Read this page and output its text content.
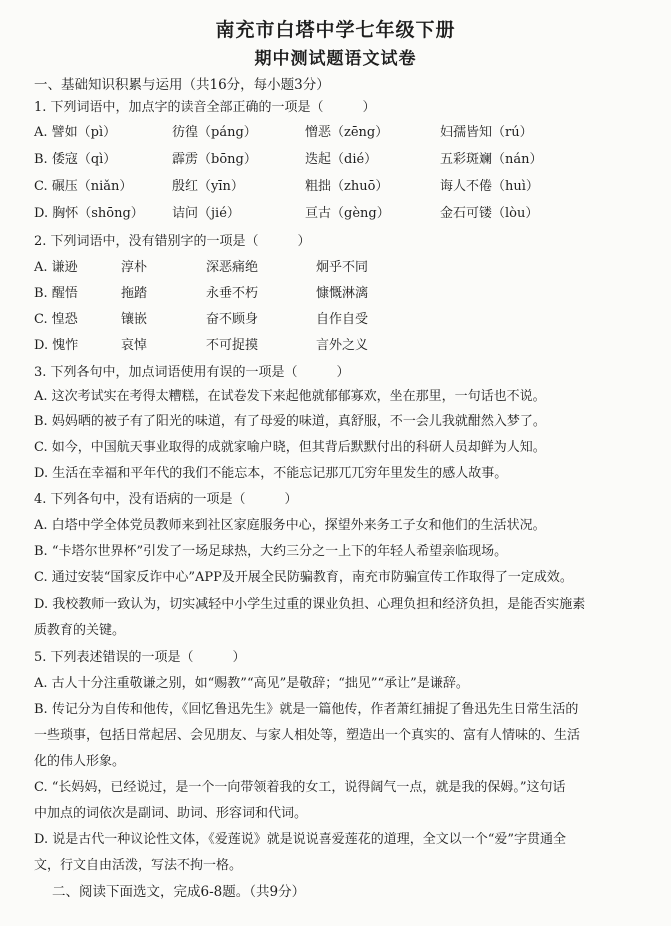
南充市白塔中学七年级下册
期中测试题语文试卷
一、基础知识积累与运用（共16分，每小题3分）
1. 下列词语中，加点字的读音全部正确的一项是（　　　）
A. 譬如（pì）	彷徨（páng）	憎恶（zēng）	妇孺皆知（rú）
B. 倭寇（qì）	霹雳（bōng）	迭起（dié）	五彩斑斓（nán）
C. 碾压（niǎn）	殷红（yīn）	粗拙（zhuō）	诲人不倦（huì）
D. 胸怀（shōng） 诘问（jié）	亘古（gèng）	金石可镂（lòu）
2. 下列词语中，没有错别字的一项是（　　　）
A. 谦逊	淳朴	深恶痛绝	炯乎不同
B. 醒悟	拖踏	永垂不朽	慷慨淋漓
C. 惶恐	镶嵌	奋不顾身	自作自受
D. 愧怍	哀悼	不可捉摸	言外之义
3. 下列各句中，加点词语使用有误的一项是（　　　）
A. 这次考试实在考得太糟糕，在试卷发下来起他就郁郁寡欢，坐在那里，一句话也不说。
B. 妈妈晒的被子有了阳光的味道，有了母爱的味道，真舒服，不一会儿我就酣然入梦了。
C. 如今，中国航天事业取得的成就家喻户晓，但其背后默默付出的科研人员却鲜为人知。
D. 生活在幸福和平年代的我们不能忘本，不能忘记那兀兀穷年里发生的感人故事。
4. 下列各句中，没有语病的一项是（　　　）
A. 白塔中学全体党员教师来到社区家庭服务中心，探望外来务工子女和他们的生活状况。
B. “卡塔尔世界杯”引发了一场足球热，大约三分之一上下的年轻人希望亲临现场。
C. 通过安装“国家反诈中心”APP及开展全民防骗教育，南充市防骗宣传工作取得了一定成效。
D. 我校教师一致认为，切实减轻中小学生过重的课业负担、心理负担和经济负担，是能否实施素
质教育的关键。
5. 下列表述错误的一项是（　　　）
A. 古人十分注重敬谦之别，如“赐教”“高见”是敬辞；“拙见”“承让”是谦辞。
B. 传记分为自传和他传，《回忆鲁迅先生》就是一篇他传，作者萧红捕捉了鲁迅先生日常生活的
一些琐事，包括日常起居、会见朋友、与家人相处等，塑造出一个真实的、富有人情味的、生活
化的伟人形象。
C. “长妈妈，已经说过，是一个一向带领着我的女工，说得阔气一点，就是我的保姆。”这句话
中加点的词依次是副词、助词、形容词和代词。
D. 说是古代一种议论性文体，《爱莲说》就是说说喜爱莲花的道理，全文以一个“爱”字贯通全
文，行文自由活泼，写法不拘一格。
二、阅读下面选文，完成6-8题。（共9分）
